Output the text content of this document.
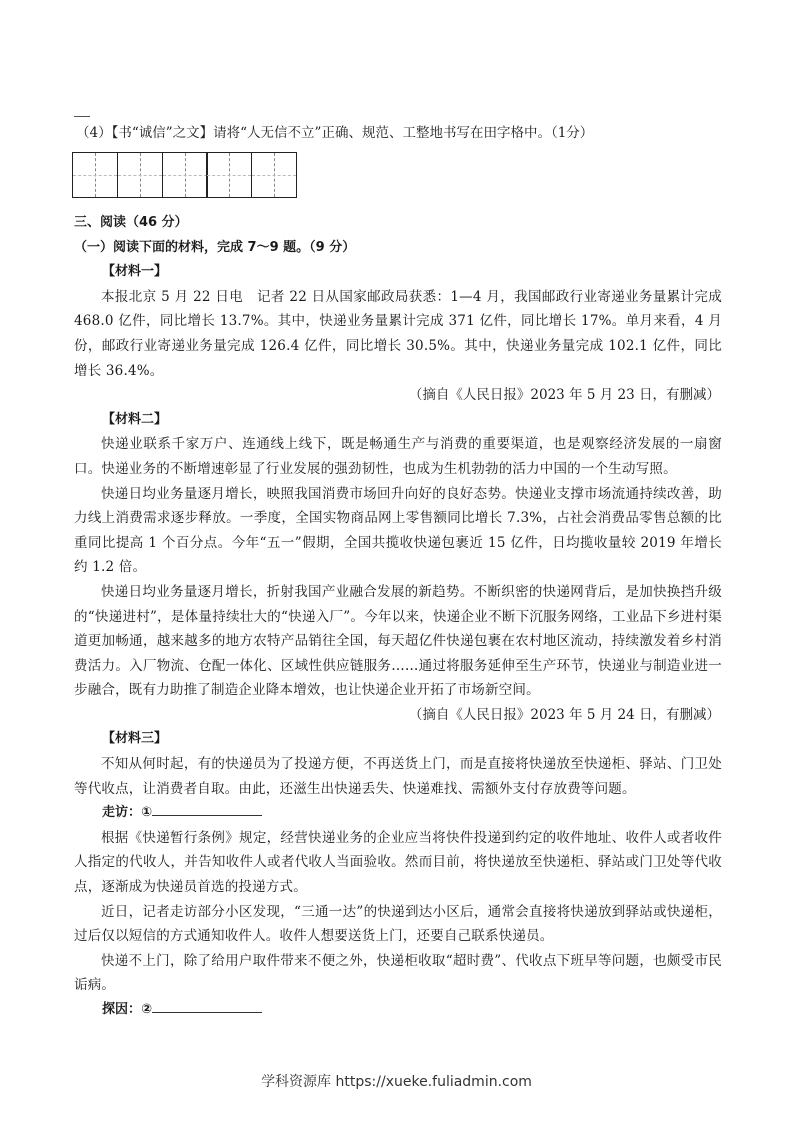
（4）【书“诚信”之文】请将“人无信不立”正确、规范、工整地书写在田字格中。（1分）

三、阅读（46 分）

（一）阅读下面的材料，完成 7～9 题。（9 分）

【材料一】

本报北京 5 月 22 日电　记者 22 日从国家邮政局获悉：1—4 月，我国邮政行业寄递业务量累计完成 468.0 亿件，同比增长 13.7%。其中，快递业务量累计完成 371 亿件，同比增长 17%。单月来看，4 月份，邮政行业寄递业务量完成 126.4 亿件，同比增长 30.5%。其中，快递业务量完成 102.1 亿件，同比增长 36.4%。

（摘自《人民日报》2023 年 5 月 23 日，有删减）

【材料二】

快递业联系千家万户、连通线上线下，既是畅通生产与消费的重要渠道，也是观察经济发展的一扇窗口。快递业务的不断增速彰显了行业发展的强劲韧性，也成为生机勃勃的活力中国的一个生动写照。

快递日均业务量逐月增长，映照我国消费市场回升向好的良好态势。快递业支撑市场流通持续改善，助力线上消费需求逐步释放。一季度，全国实物商品网上零售额同比增长 7.3%，占社会消费品零售总额的比重同比提高 1 个百分点。今年“五一”假期，全国共揽收快递包裹近 15 亿件，日均揽收量较 2019 年增长约 1.2 倍。

快递日均业务量逐月增长，折射我国产业融合发展的新趋势。不断织密的快递网背后，是加快换挡升级的“快递进村”，是体量持续壮大的“快递入厂”。今年以来，快递企业不断下沉服务网络，工业品下乡进村渠道更加畅通，越来越多的地方农特产品销往全国，每天超亿件快递包裹在农村地区流动，持续激发着乡村消费活力。入厂物流、仓配一体化、区域性供应链服务……通过将服务延伸至生产环节，快递业与制造业进一步融合，既有力助推了制造企业降本增效，也让快递企业开拓了市场新空间。

（摘自《人民日报》2023 年 5 月 24 日，有删减）

【材料三】

不知从何时起，有的快递员为了投递方便，不再送货上门，而是直接将快递放至快递柜、驿站、门卫处等代收点，让消费者自取。由此，还滋生出快递丢失、快递难找、需额外支付存放费等问题。

走访：①

根据《快递暂行条例》规定，经营快递业务的企业应当将快件投递到约定的收件地址、收件人或者收件人指定的代收人，并告知收件人或者代收人当面验收。然而目前，将快递放至快递柜、驿站或门卫处等代收点，逐渐成为快递员首选的投递方式。

近日，记者走访部分小区发现，“三通一达”的快递到达小区后，通常会直接将快递放到驿站或快递柜，过后仅以短信的方式通知收件人。收件人想要送货上门，还要自己联系快递员。

快递不上门，除了给用户取件带来不便之外，快递柜收取“超时费”、代收点下班早等问题，也颇受市民诟病。

探因：②

学科资源库 https://xueke.fuliadmin.com
